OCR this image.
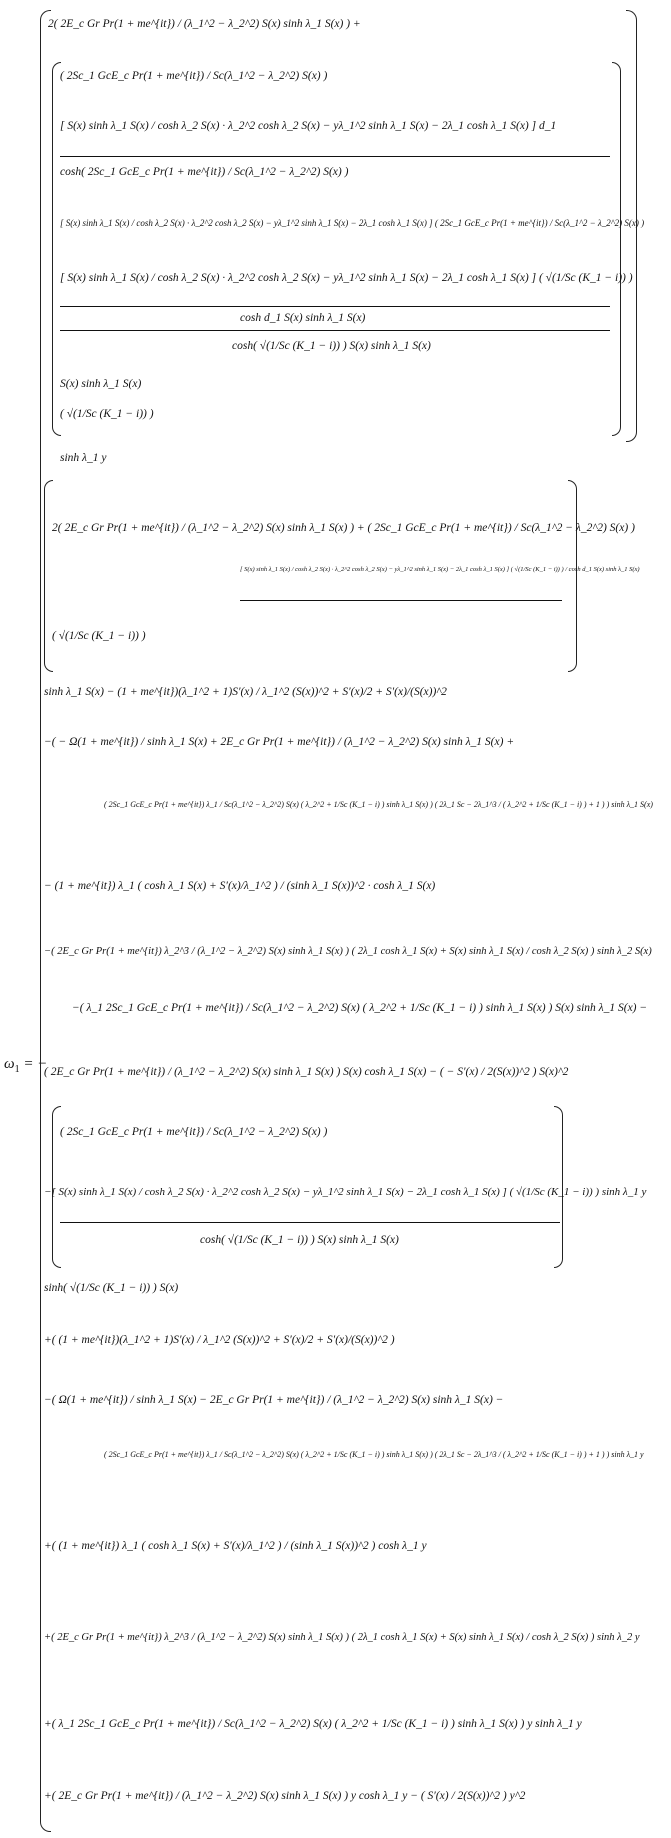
$\omega_1$ = −
2( 2E_c Gr Pr(1 + me^{it}) / (λ_1^2 − λ_2^2) S(x) sinh λ_1 S(x) ) +
( 2Sc_1 GcE_c Pr(1 + me^{it}) / Sc(λ_1^2 − λ_2^2) S(x) )
[ S(x) sinh λ_1 S(x) / cosh λ_2 S(x) · λ_2^2 cosh λ_2 S(x) − yλ_1^2 sinh λ_1 S(x) − 2λ_1 cosh λ_1 S(x) ] d_1
cosh( 2Sc_1 GcE_c Pr(1 + me^{it}) / Sc(λ_1^2 − λ_2^2) S(x) )
[ S(x) sinh λ_1 S(x) / cosh λ_2 S(x) · λ_2^2 cosh λ_2 S(x) − yλ_1^2 sinh λ_1 S(x) − 2λ_1 cosh λ_1 S(x) ] ( 2Sc_1 GcE_c Pr(1 + me^{it}) / Sc(λ_1^2 − λ_2^2) S(x) )
[ S(x) sinh λ_1 S(x) / cosh λ_2 S(x) · λ_2^2 cosh λ_2 S(x) − yλ_1^2 sinh λ_1 S(x) − 2λ_1 cosh λ_1 S(x) ] ( √(1/Sc (K_1 − i)) )
cosh d_1 S(x) sinh λ_1 S(x)
cosh( √(1/Sc (K_1 − i)) ) S(x) sinh λ_1 S(x)
S(x) sinh λ_1 S(x)
( √(1/Sc (K_1 − i)) )
sinh λ_1 y
2( 2E_c Gr Pr(1 + me^{it}) / (λ_1^2 − λ_2^2) S(x) sinh λ_1 S(x) ) + ( 2Sc_1 GcE_c Pr(1 + me^{it}) / Sc(λ_1^2 − λ_2^2) S(x) )
[ S(x) sinh λ_1 S(x) / cosh λ_2 S(x) · λ_2^2 cosh λ_2 S(x) − yλ_1^2 sinh λ_1 S(x) − 2λ_1 cosh λ_1 S(x) ] ( √(1/Sc (K_1 − i)) ) / cosh d_1 S(x) sinh λ_1 S(x)
( √(1/Sc (K_1 − i)) )
sinh λ_1 S(x) − (1 + me^{it})(λ_1^2 + 1)S′(x) / λ_1^2 (S(x))^2 + S′(x)/2 + S′(x)/(S(x))^2
−( − Ω(1 + me^{it}) / sinh λ_1 S(x) + 2E_c Gr Pr(1 + me^{it}) / (λ_1^2 − λ_2^2) S(x) sinh λ_1 S(x) +
( 2Sc_1 GcE_c Pr(1 + me^{it}) λ_1 / Sc(λ_1^2 − λ_2^2) S(x) ( λ_2^2 + 1/Sc (K_1 − i) ) sinh λ_1 S(x) ) ( 2λ_1 Sc − 2λ_1^3 / ( λ_2^2 + 1/Sc (K_1 − i) ) + 1 ) ) sinh λ_1 S(x)
− (1 + me^{it}) λ_1 ( cosh λ_1 S(x) + S′(x)/λ_1^2 ) / (sinh λ_1 S(x))^2 · cosh λ_1 S(x)
−( 2E_c Gr Pr(1 + me^{it}) λ_2^3 / (λ_1^2 − λ_2^2) S(x) sinh λ_1 S(x) ) ( 2λ_1 cosh λ_1 S(x) + S(x) sinh λ_1 S(x) / cosh λ_2 S(x) ) sinh λ_2 S(x)
−( λ_1 2Sc_1 GcE_c Pr(1 + me^{it}) / Sc(λ_1^2 − λ_2^2) S(x) ( λ_2^2 + 1/Sc (K_1 − i) ) sinh λ_1 S(x) ) S(x) sinh λ_1 S(x) −
( 2E_c Gr Pr(1 + me^{it}) / (λ_1^2 − λ_2^2) S(x) sinh λ_1 S(x) ) S(x) cosh λ_1 S(x) − ( − S′(x) / 2(S(x))^2 ) S(x)^2
( 2Sc_1 GcE_c Pr(1 + me^{it}) / Sc(λ_1^2 − λ_2^2) S(x) )
−[ S(x) sinh λ_1 S(x) / cosh λ_2 S(x) · λ_2^2 cosh λ_2 S(x) − yλ_1^2 sinh λ_1 S(x) − 2λ_1 cosh λ_1 S(x) ] ( √(1/Sc (K_1 − i)) ) sinh λ_1 y
cosh( √(1/Sc (K_1 − i)) ) S(x) sinh λ_1 S(x)
sinh( √(1/Sc (K_1 − i)) ) S(x)
+( (1 + me^{it})(λ_1^2 + 1)S′(x) / λ_1^2 (S(x))^2 + S′(x)/2 + S′(x)/(S(x))^2 )
−( Ω(1 + me^{it}) / sinh λ_1 S(x) − 2E_c Gr Pr(1 + me^{it}) / (λ_1^2 − λ_2^2) S(x) sinh λ_1 S(x) −
( 2Sc_1 GcE_c Pr(1 + me^{it}) λ_1 / Sc(λ_1^2 − λ_2^2) S(x) ( λ_2^2 + 1/Sc (K_1 − i) ) sinh λ_1 S(x) ) ( 2λ_1 Sc − 2λ_1^3 / ( λ_2^2 + 1/Sc (K_1 − i) ) + 1 ) ) sinh λ_1 y
+( (1 + me^{it}) λ_1 ( cosh λ_1 S(x) + S′(x)/λ_1^2 ) / (sinh λ_1 S(x))^2 ) cosh λ_1 y
+( 2E_c Gr Pr(1 + me^{it}) λ_2^3 / (λ_1^2 − λ_2^2) S(x) sinh λ_1 S(x) ) ( 2λ_1 cosh λ_1 S(x) + S(x) sinh λ_1 S(x) / cosh λ_2 S(x) ) sinh λ_2 y
+( λ_1 2Sc_1 GcE_c Pr(1 + me^{it}) / Sc(λ_1^2 − λ_2^2) S(x) ( λ_2^2 + 1/Sc (K_1 − i) ) sinh λ_1 S(x) ) y sinh λ_1 y
+( 2E_c Gr Pr(1 + me^{it}) / (λ_1^2 − λ_2^2) S(x) sinh λ_1 S(x) ) y cosh λ_1 y − ( S′(x) / 2(S(x))^2 ) y^2
